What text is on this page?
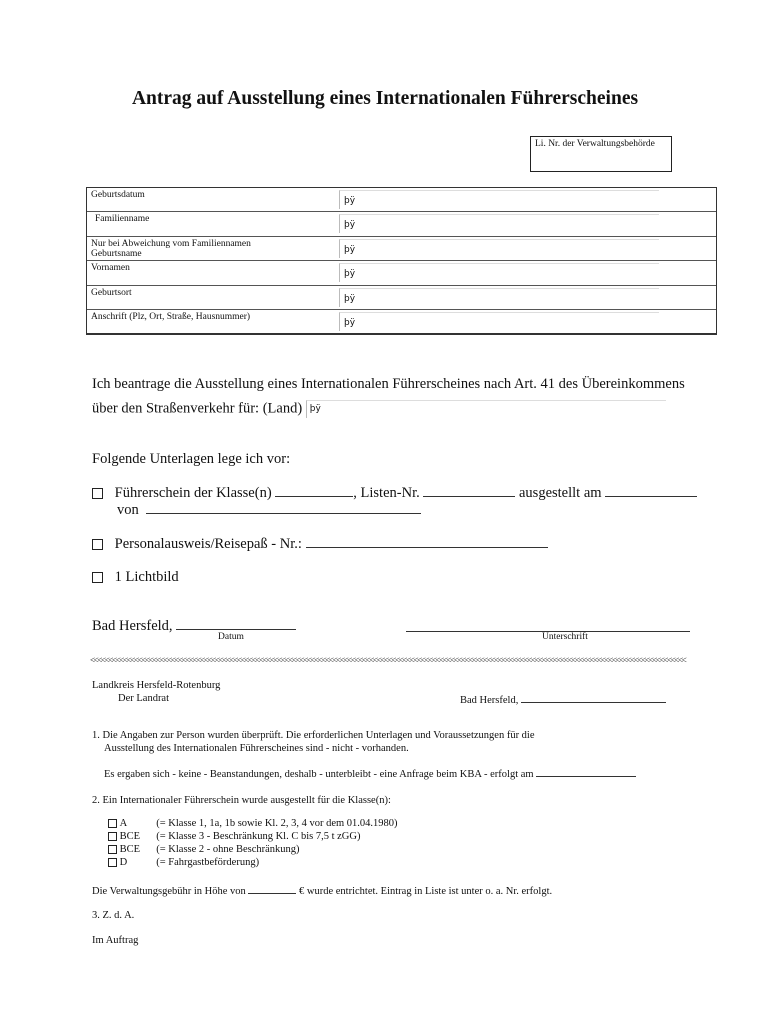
Antrag auf Ausstellung eines Internationalen Führerscheines
Li. Nr. der Verwaltungsbehörde
Geburtsdatum
þÿ
Familienname
þÿ
Nur bei Abweichung vom Familiennamen Geburtsname	þÿ
Vornamen
þÿ
Geburtsort
þÿ
Anschrift (Plz, Ort, Straße, Hausnummer)
þÿ
Ich beantrage die Ausstellung eines Internationalen Führerscheines nach Art. 41 des Übereinkommens
über den Straßenverkehr für: (Land) þÿ
Folgende Unterlagen lege ich vor:
Führerschein der Klasse(n)	, Listen-Nr.	ausgestellt am
von
Personalausweis/Reisepaß - Nr.:
1 Lichtbild
Bad Hersfeld,
Datum	Unterschrift
<<<<<<<<<<<<<<<<<<<<<<<<<<<<<<<<<<<<<<<<<<<<<<<<<<<<<<<<<<<<<<<<<<<<<<<<<<<<<<<<<<<<<<<<<<<<<<<<<<<<<<<<<<<<<<<<<<<<<<<<<<<<<<<<<<<<<<<<<<<<<<<<<<<<<<<<<<<<<<<<<<
Landkreis Hersfeld-Rotenburg
Der Landrat	Bad Hersfeld,
1. Die Angaben zur Person wurden überprüft. Die erforderlichen Unterlagen und Voraussetzungen für die
Ausstellung des Internationalen Führerscheines sind - nicht - vorhanden.
Es ergaben sich - keine - Beanstandungen, deshalb - unterbleibt - eine Anfrage beim KBA - erfolgt am
2. Ein Internationaler Führerschein wurde ausgestellt für die Klasse(n):
A	(= Klasse 1, 1a, 1b sowie Kl. 2, 3, 4 vor dem 01.04.1980)
BCE (= Klasse 3 - Beschränkung Kl. C bis 7,5 t zGG)
BCE (= Klasse 2 - ohne Beschränkung)
D	(= Fahrgastbeförderung)
Die Verwaltungsgebühr in Höhe von	€ wurde entrichtet. Eintrag in Liste ist unter o. a. Nr. erfolgt.
3. Z. d. A.
Im Auftrag
